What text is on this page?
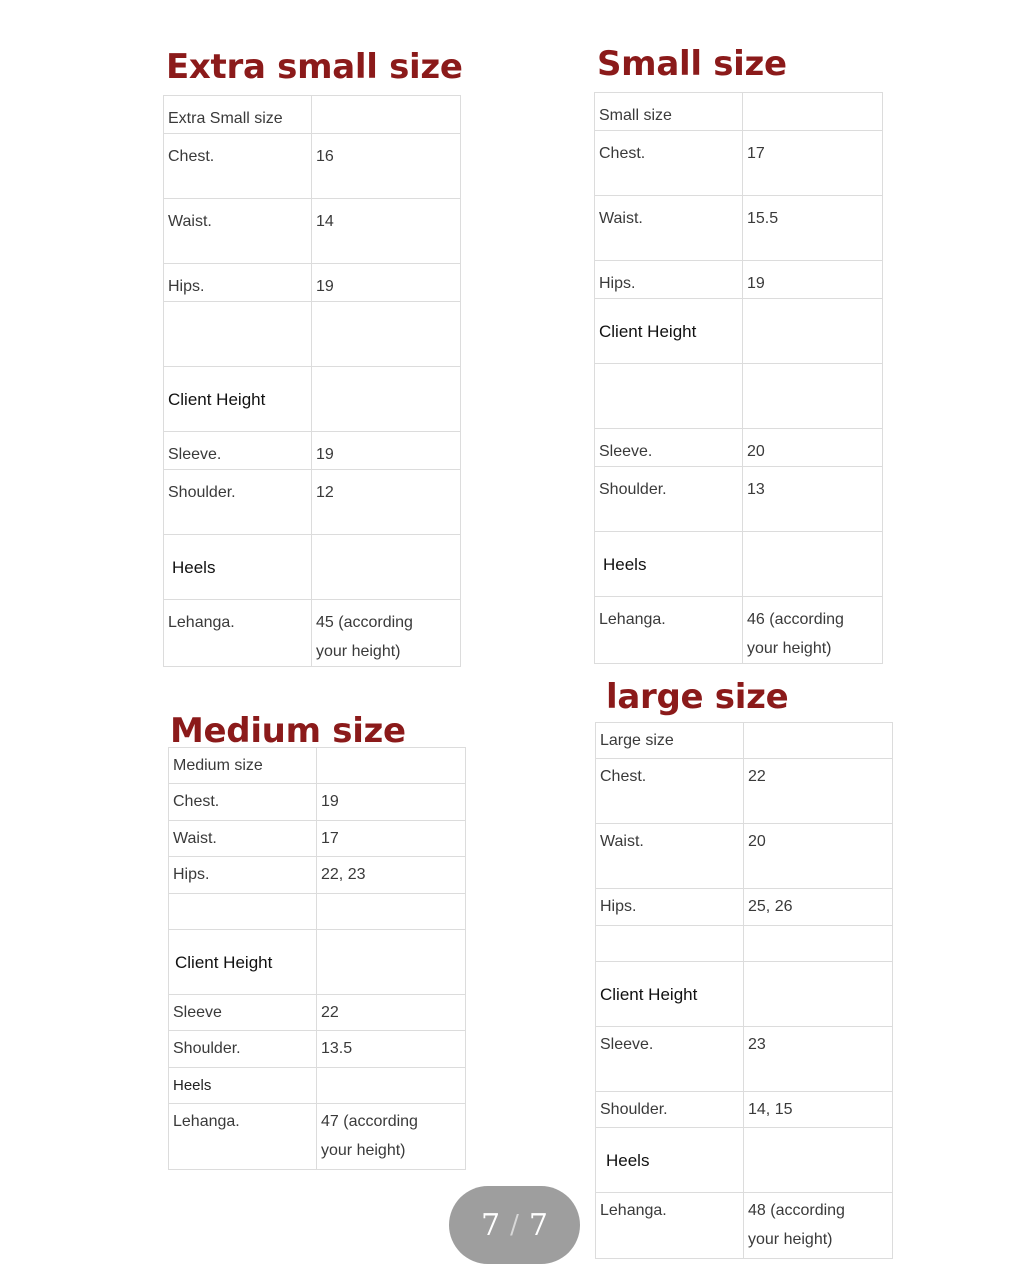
Extra small size
Extra Small size	
Chest.	16
Waist.	14
Hips.	19

Client Height	
Sleeve.	19
Shoulder.	12
Heels	
Lehanga.	45 (according
your height)
Small size
Small size	
Chest.	17
Waist.	15.5
Hips.	19
Client Height	

Sleeve.	20
Shoulder.	13
Heels	
Lehanga.	46 (according
your height)
Medium size
Medium size	
Chest.	19
Waist.	17
Hips.	22, 23

Client Height	
Sleeve	22
Shoulder.	13.5
Heels	
Lehanga.	47 (according
your height)
large size
Large size	
Chest.	22
Waist.	20
Hips.	25, 26

Client Height	
Sleeve.	23
Shoulder.	14, 15
Heels	
Lehanga.	48 (according
your height)
7 / 7
